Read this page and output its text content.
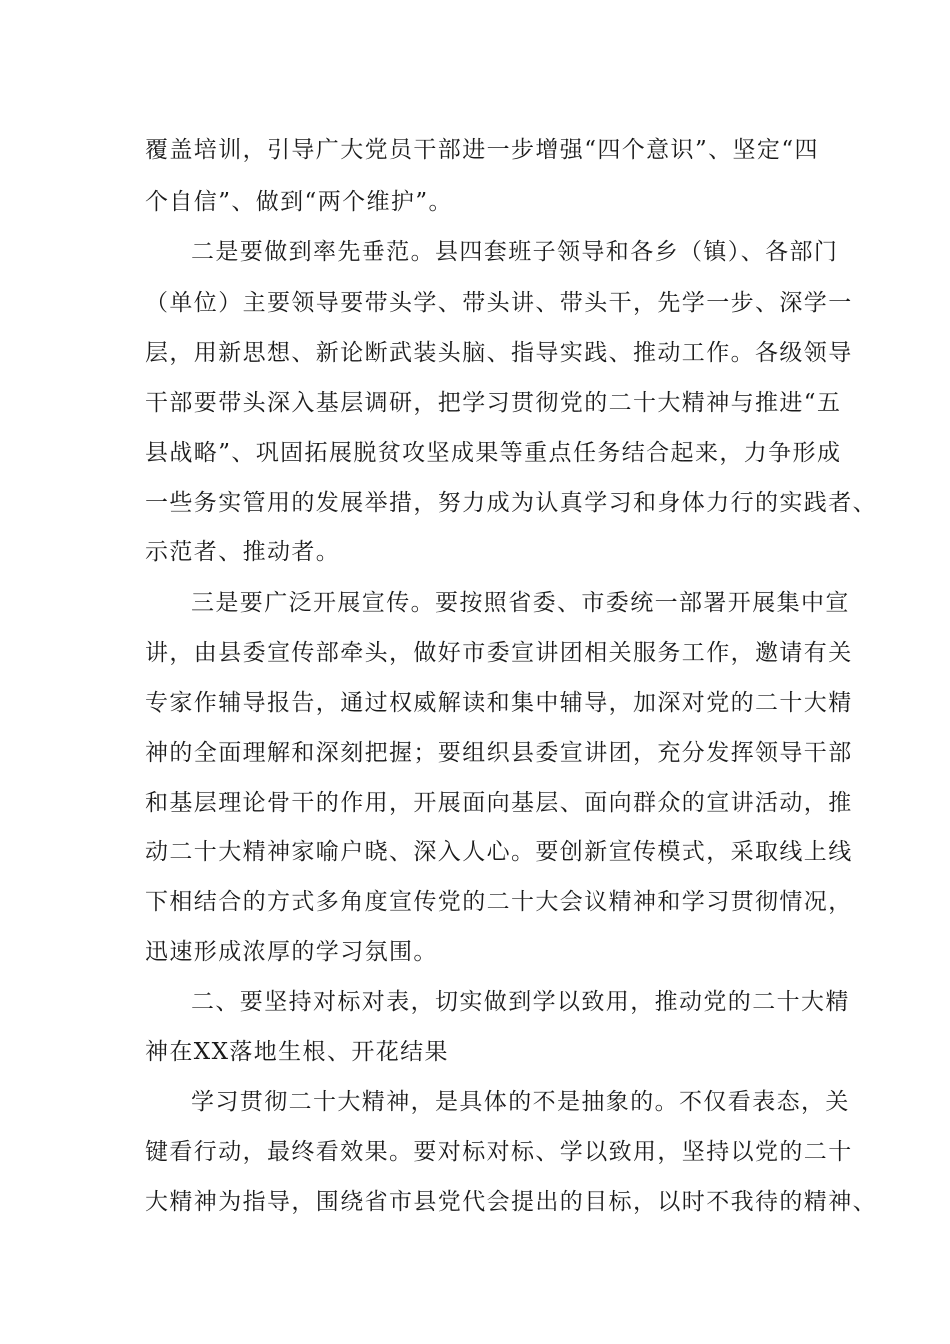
覆盖培训，引导广大党员干部进一步增强“四个意识”、坚定“四

个自信”、做到“两个维护”。

二是要做到率先垂范。县四套班子领导和各乡（镇）、各部门

（单位）主要领导要带头学、带头讲、带头干，先学一步、深学一

层，用新思想、新论断武装头脑、指导实践、推动工作。各级领导

干部要带头深入基层调研，把学习贯彻党的二十大精神与推进“五

县战略”、巩固拓展脱贫攻坚成果等重点任务结合起来，力争形成

一些务实管用的发展举措，努力成为认真学习和身体力行的实践者、

示范者、推动者。

三是要广泛开展宣传。要按照省委、市委统一部署开展集中宣

讲，由县委宣传部牵头，做好市委宣讲团相关服务工作，邀请有关

专家作辅导报告，通过权威解读和集中辅导，加深对党的二十大精

神的全面理解和深刻把握；要组织县委宣讲团，充分发挥领导干部

和基层理论骨干的作用，开展面向基层、面向群众的宣讲活动，推

动二十大精神家喻户晓、深入人心。要创新宣传模式，采取线上线

下相结合的方式多角度宣传党的二十大会议精神和学习贯彻情况，

迅速形成浓厚的学习氛围。

二、要坚持对标对表，切实做到学以致用，推动党的二十大精

神在XX落地生根、开花结果

学习贯彻二十大精神，是具体的不是抽象的。不仅看表态，关

键看行动，最终看效果。要对标对标、学以致用，坚持以党的二十

大精神为指导，围绕省市县党代会提出的目标，以时不我待的精神、
